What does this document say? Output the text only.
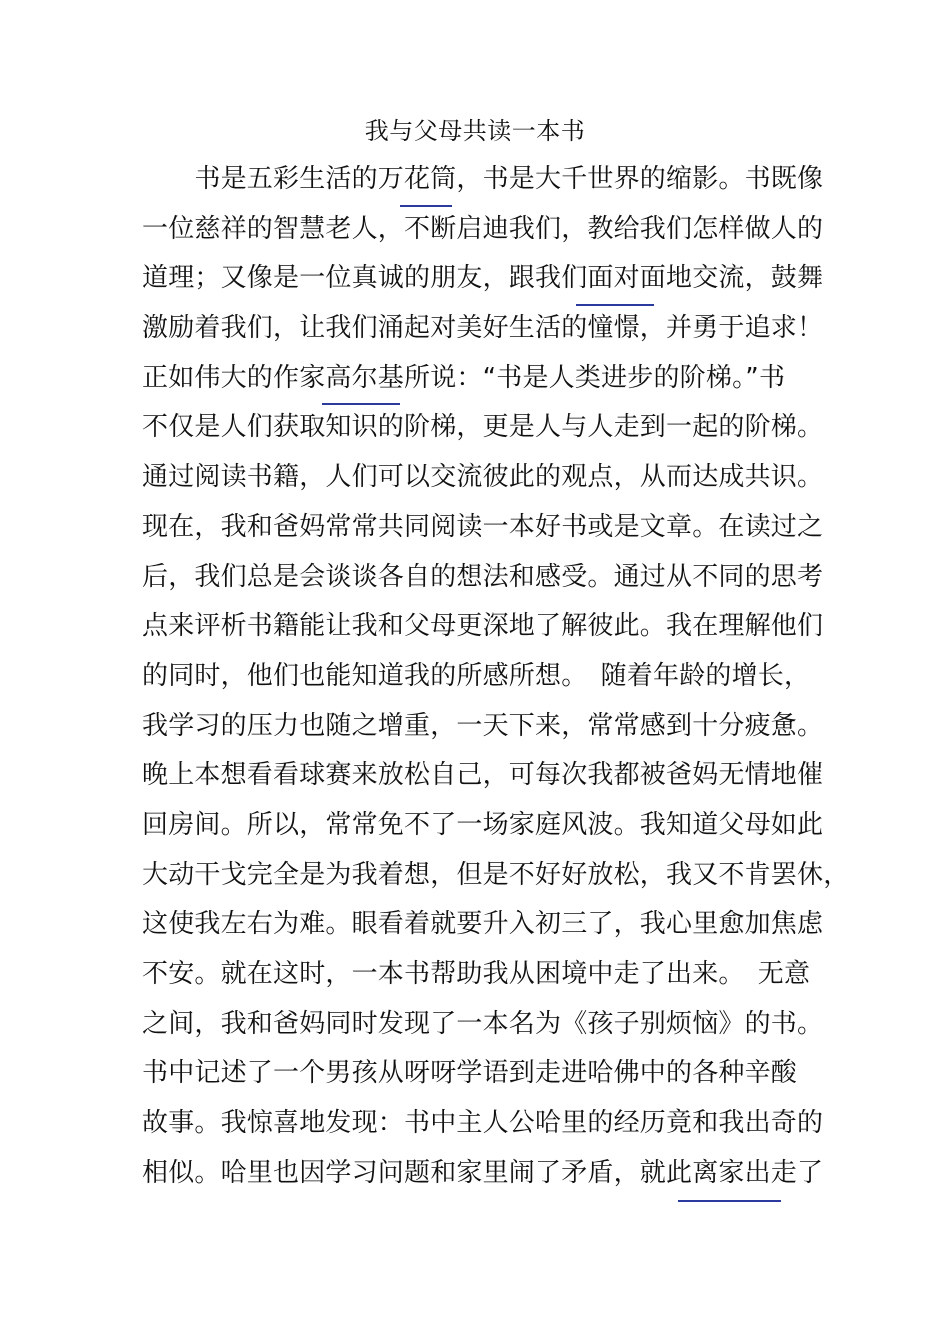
我与父母共读一本书
　　书是五彩生活的万花筒，书是大千世界的缩影。书既像
一位慈祥的智慧老人，不断启迪我们，教给我们怎样做人的
道理；又像是一位真诚的朋友，跟我们面对面地交流，鼓舞
激励着我们，让我们涌起对美好生活的憧憬，并勇于追求！
正如伟大的作家高尔基所说：“书是人类进步的阶梯。”书
不仅是人们获取知识的阶梯，更是人与人走到一起的阶梯。
通过阅读书籍，人们可以交流彼此的观点，从而达成共识。
现在，我和爸妈常常共同阅读一本好书或是文章。在读过之
后，我们总是会谈谈各自的想法和感受。通过从不同的思考
点来评析书籍能让我和父母更深地了解彼此。我在理解他们
的同时，他们也能知道我的所感所想。　随着年龄的增长，
我学习的压力也随之增重，一天下来，常常感到十分疲惫。
晚上本想看看球赛来放松自己，可每次我都被爸妈无情地催
回房间。所以，常常免不了一场家庭风波。我知道父母如此
大动干戈完全是为我着想，但是不好好放松，我又不肯罢休，
这使我左右为难。眼看着就要升入初三了，我心里愈加焦虑
不安。就在这时，一本书帮助我从困境中走了出来。　无意
之间，我和爸妈同时发现了一本名为《孩子别烦恼》的书。
书中记述了一个男孩从呀呀学语到走进哈佛中的各种辛酸
故事。我惊喜地发现：书中主人公哈里的经历竟和我出奇的
相似。哈里也因学习问题和家里闹了矛盾，就此离家出走了
